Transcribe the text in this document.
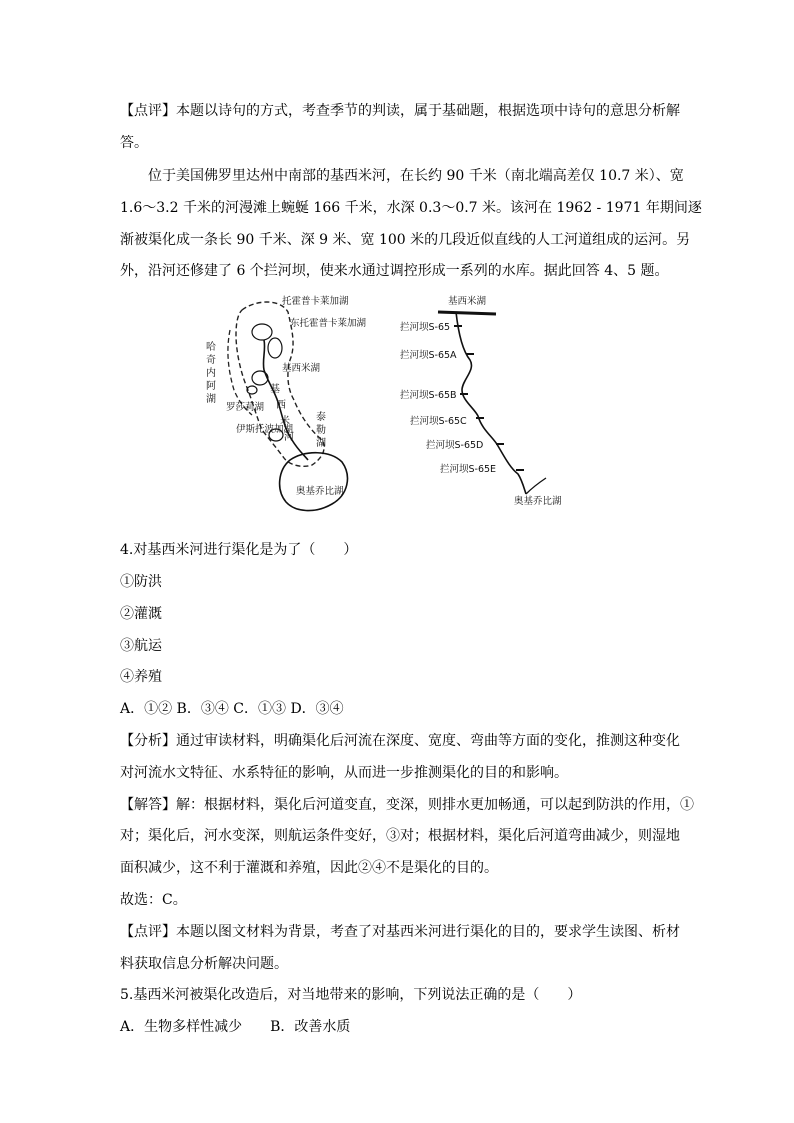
【点评】本题以诗句的方式，考查季节的判读，属于基础题，根据选项中诗句的意思分析解
答。
位于美国佛罗里达州中南部的基西米河，在长约 90 千米（南北端高差仅 10.7 米）、宽
1.6～3.2 千米的河漫滩上蜿蜒 166 千米，水深 0.3～0.7 米。该河在 1962 - 1971 年期间逐
渐被渠化成一条长 90 千米、深 9 米、宽 100 米的几段近似直线的人工河道组成的运河。另
外，沿河还修建了 6 个拦河坝，使来水通过调控形成一系列的水库。据此回答 4、5 题。
托霍普卡莱加湖
东托霍普卡莱加湖
基西米湖
罗莎莉湖
伊斯托波加湖
奥基乔比湖
哈
奇
内
阿
湖
基
西
米
河
泰
勒
湖
基西米湖
拦河坝S-65
拦河坝S-65A
拦河坝S-65B
拦河坝S-65C
拦河坝S-65D
拦河坝S-65E
奥基乔比湖
4.对基西米河进行渠化是为了（　　）
①防洪
②灌溉
③航运
④养殖
A．①② B．③④ C．①③ D．③④
【分析】通过审读材料，明确渠化后河流在深度、宽度、弯曲等方面的变化，推测这种变化
对河流水文特征、水系特征的影响，从而进一步推测渠化的目的和影响。
【解答】解：根据材料，渠化后河道变直，变深，则排水更加畅通，可以起到防洪的作用，①
对；渠化后，河水变深，则航运条件变好，③对；根据材料，渠化后河道弯曲减少，则湿地
面积减少，这不利于灌溉和养殖，因此②④不是渠化的目的。
故选：C。
【点评】本题以图文材料为背景，考查了对基西米河进行渠化的目的，要求学生读图、析材
料获取信息分析解决问题。
5.基西米河被渠化改造后，对当地带来的影响，下列说法正确的是（　　）
A．生物多样性减少　　B．改善水质
